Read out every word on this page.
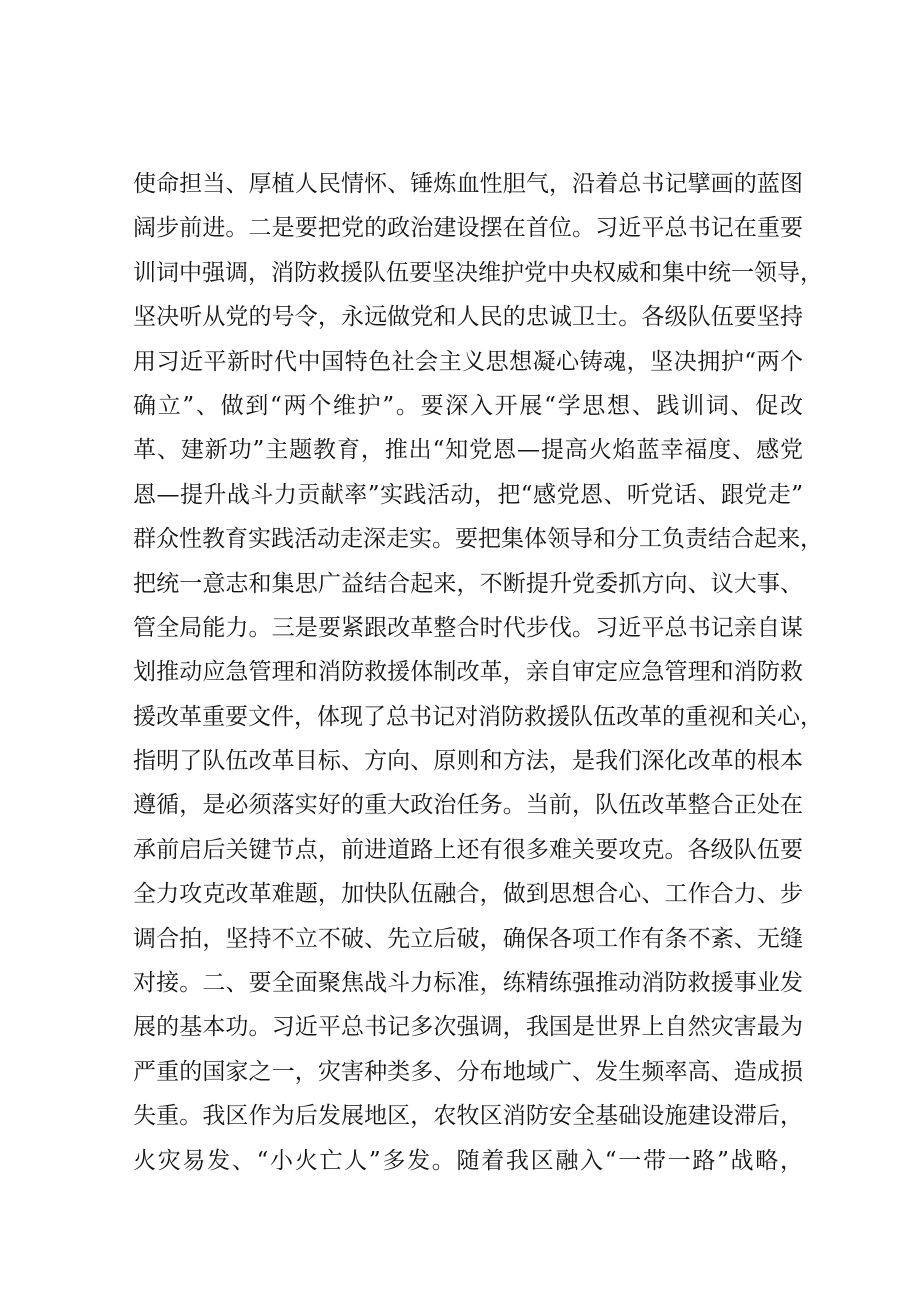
使命担当、厚植人民情怀、锤炼血性胆气，沿着总书记擘画的蓝图
阔步前进。二是要把党的政治建设摆在首位。习近平总书记在重要
训词中强调，消防救援队伍要坚决维护党中央权威和集中统一领导，
坚决听从党的号令，永远做党和人民的忠诚卫士。各级队伍要坚持
用习近平新时代中国特色社会主义思想凝心铸魂，坚决拥护“两个
确立”、做到“两个维护”。要深入开展“学思想、践训词、促改
革、建新功”主题教育，推出“知党恩—提高火焰蓝幸福度、感党
恩—提升战斗力贡献率”实践活动，把“感党恩、听党话、跟党走”
群众性教育实践活动走深走实。要把集体领导和分工负责结合起来，
把统一意志和集思广益结合起来，不断提升党委抓方向、议大事、
管全局能力。三是要紧跟改革整合时代步伐。习近平总书记亲自谋
划推动应急管理和消防救援体制改革，亲自审定应急管理和消防救
援改革重要文件，体现了总书记对消防救援队伍改革的重视和关心，
指明了队伍改革目标、方向、原则和方法，是我们深化改革的根本
遵循，是必须落实好的重大政治任务。当前，队伍改革整合正处在
承前启后关键节点，前进道路上还有很多难关要攻克。各级队伍要
全力攻克改革难题，加快队伍融合，做到思想合心、工作合力、步
调合拍，坚持不立不破、先立后破，确保各项工作有条不紊、无缝
对接。二、要全面聚焦战斗力标准，练精练强推动消防救援事业发
展的基本功。习近平总书记多次强调，我国是世界上自然灾害最为
严重的国家之一，灾害种类多、分布地域广、发生频率高、造成损
失重。我区作为后发展地区，农牧区消防安全基础设施建设滞后，
火灾易发、“小火亡人”多发。随着我区融入“一带一路”战略，
